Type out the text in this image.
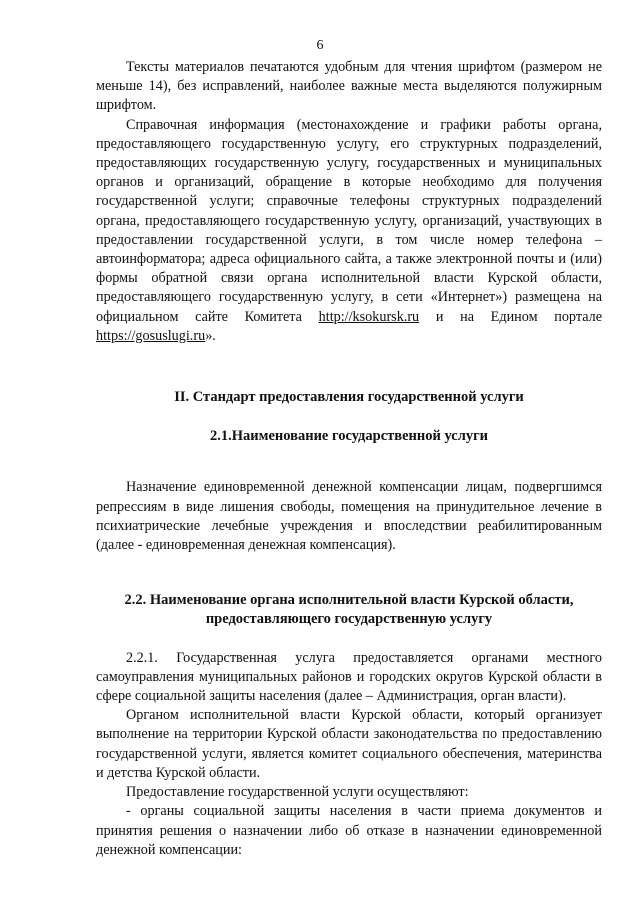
6

Тексты материалов печатаются удобным для чтения шрифтом (размером не меньше 14), без исправлений, наиболее важные места выделяются полужирным шрифтом.

Справочная информация (местонахождение и графики работы органа, предоставляющего государственную услугу, его структурных подразделений, предоставляющих государственную услугу, государственных и муниципальных органов и организаций, обращение в которые необходимо для получения государственной услуги; справочные телефоны структурных подразделений органа, предоставляющего государственную услугу, организаций, участвующих в предоставлении государственной услуги, в том числе номер телефона – автоинформатора; адреса официального сайта, а также электронной почты и (или) формы обратной связи органа исполнительной власти Курской области, предоставляющего государственную услугу, в сети «Интернет») размещена на официальном сайте Комитета http://ksokursk.ru и на Едином портале https://gosuslugi.ru».

II. Стандарт предоставления государственной услуги
2.1.Наименование государственной услуги

Назначение единовременной денежной компенсации лицам, подвергшимся репрессиям в виде лишения свободы, помещения на принудительное лечение в психиатрические лечебные учреждения и впоследствии реабилитированным (далее - единовременная денежная компенсация).

2.2. Наименование органа исполнительной власти Курской области, предоставляющего государственную услугу

2.2.1. Государственная услуга предоставляется органами местного самоуправления муниципальных районов и городских округов Курской области в сфере социальной защиты населения (далее – Администрация, орган власти).

Органом исполнительной власти Курской области, который организует выполнение на территории Курской области законодательства по предоставлению государственной услуги, является комитет социального обеспечения, материнства и детства Курской области.

Предоставление государственной услуги осуществляют:

- органы социальной защиты населения в части приема документов и принятия решения о назначении либо об отказе в назначении единовременной денежной компенсации:
